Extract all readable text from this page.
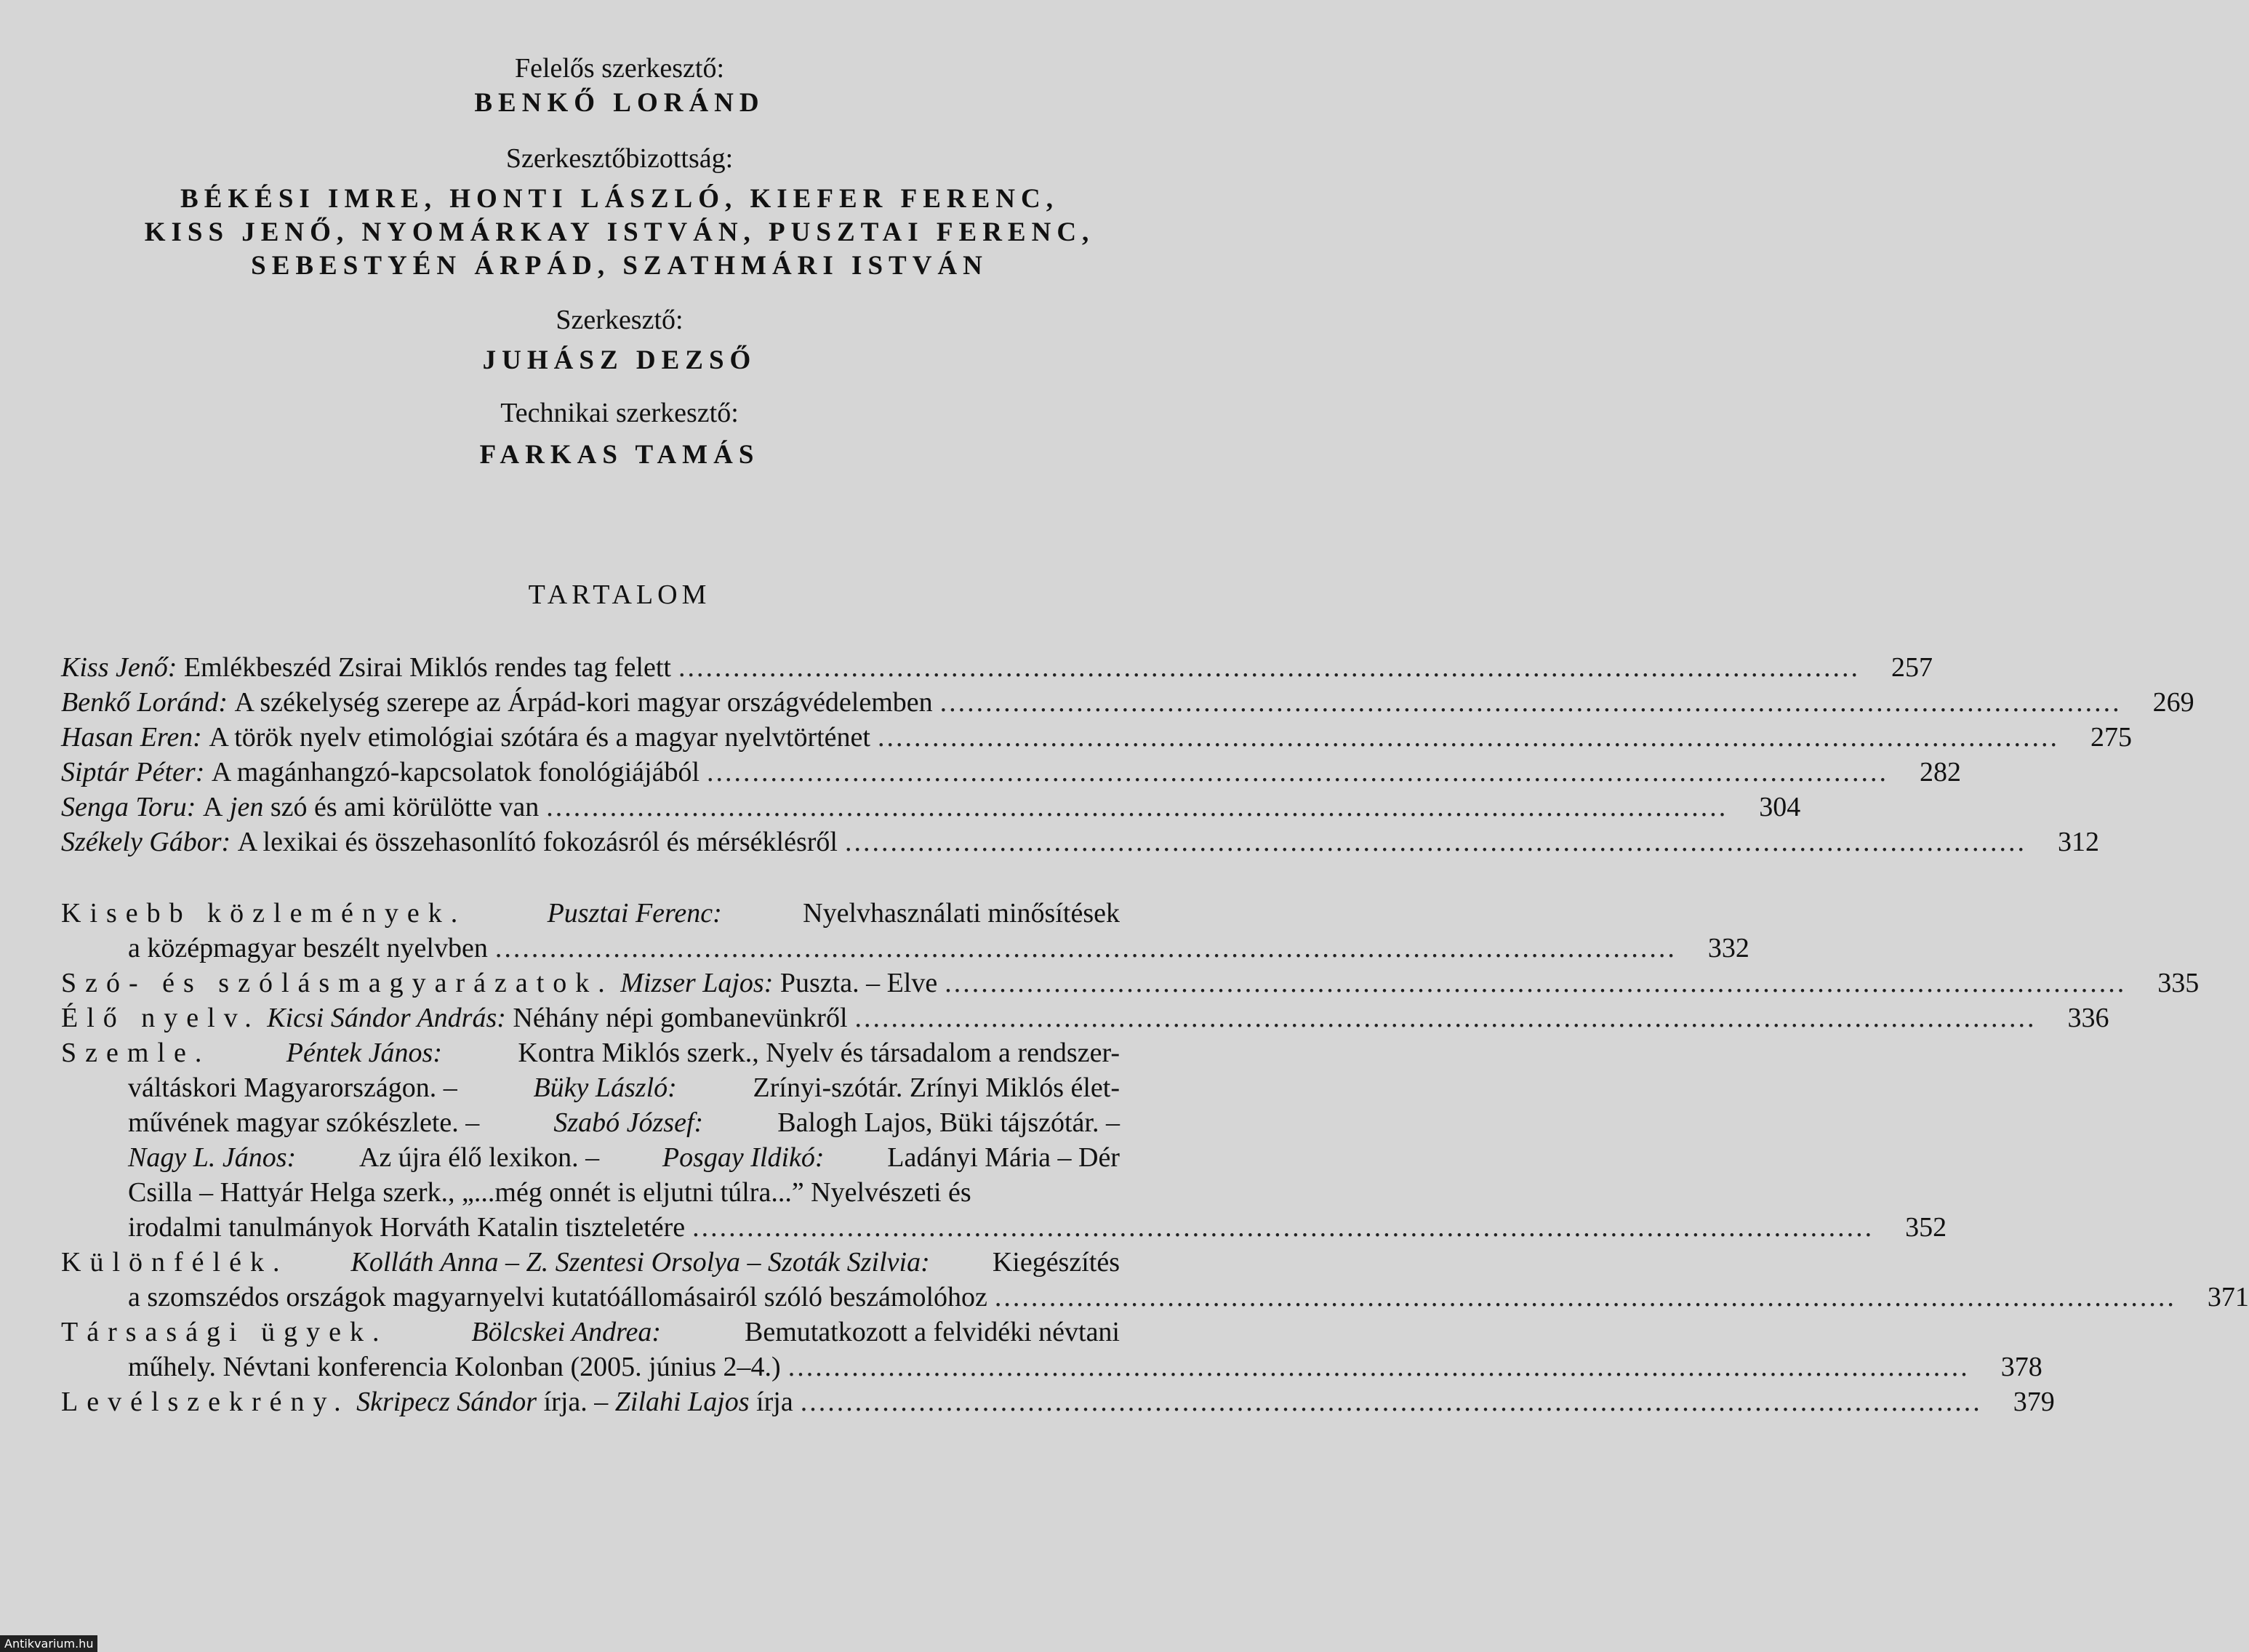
Felelős szerkesztő:
BENKŐ LORÁND
Szerkesztőbizottság:
BÉKÉSI IMRE, HONTI LÁSZLÓ, KIEFER FERENC,
KISS JENŐ, NYOMÁRKAY ISTVÁN, PUSZTAI FERENC,
SEBESTYÉN ÁRPÁD, SZATHMÁRI ISTVÁN
Szerkesztő:
JUHÁSZ DEZSŐ
Technikai szerkesztő:
FARKAS TAMÁS
TARTALOM
Kiss Jenő:
Emlékbeszéd Zsirai Miklós rendes tag felett ..................................................................................................................................	257
Benkő Loránd:
A székelység szerepe az Árpád-kori magyar országvédelemben ..................................................................................................................................	269
Hasan Eren:
A török nyelv etimológiai szótára és a magyar nyelvtörténet ..................................................................................................................................	275
Siptár Péter:
A magánhangzó-kapcsolatok fonológiájából ..................................................................................................................................	282
Senga Toru:
A
jen
szó és ami körülötte van ..................................................................................................................................	304
Székely Gábor:
A lexikai és összehasonlító fokozásról és mérséklésről ..................................................................................................................................	312
Kisebb közlemények.	Pusztai Ferenc:	Nyelvhasználati minősítések
a középmagyar beszélt nyelvben ..................................................................................................................................	332
Szó- és szólásmagyarázatok.
Mizser Lajos:
Puszta. – Elve ..................................................................................................................................	335
Élő nyelv.
Kicsi Sándor András:
Néhány népi gombanevünkről ..................................................................................................................................	336
Szemle.	Péntek János:	Kontra Miklós szerk., Nyelv és társadalom a rendszer-
váltáskori Magyarországon. –	Büky László:	Zrínyi-szótár. Zrínyi Miklós élet-
művének magyar szókészlete. –	Szabó József:	Balogh Lajos, Büki tájszótár. –
Nagy L. János: Az újra élő lexikon. – Posgay Ildikó: Ladányi Mária – Dér
Csilla – Hattyár Helga szerk., „...még onnét is eljutni túlra...” Nyelvészeti és
irodalmi tanulmányok Horváth Katalin tiszteletére ..................................................................................................................................	352
Különfélék. Kolláth Anna – Z. Szentesi Orsolya – Szoták Szilvia: Kiegészítés
a szomszédos országok magyarnyelvi kutatóállomásairól szóló beszámolóhoz ..................................................................................................................................	371
Társasági ügyek.	Bölcskei Andrea:	Bemutatkozott a felvidéki névtani
műhely. Névtani konferencia Kolonban (2005. június 2–4.) ..................................................................................................................................	378
Levélszekrény.
Skripecz Sándor
írja. –
Zilahi Lajos
írja ..................................................................................................................................	379
Antikvarium.hu
